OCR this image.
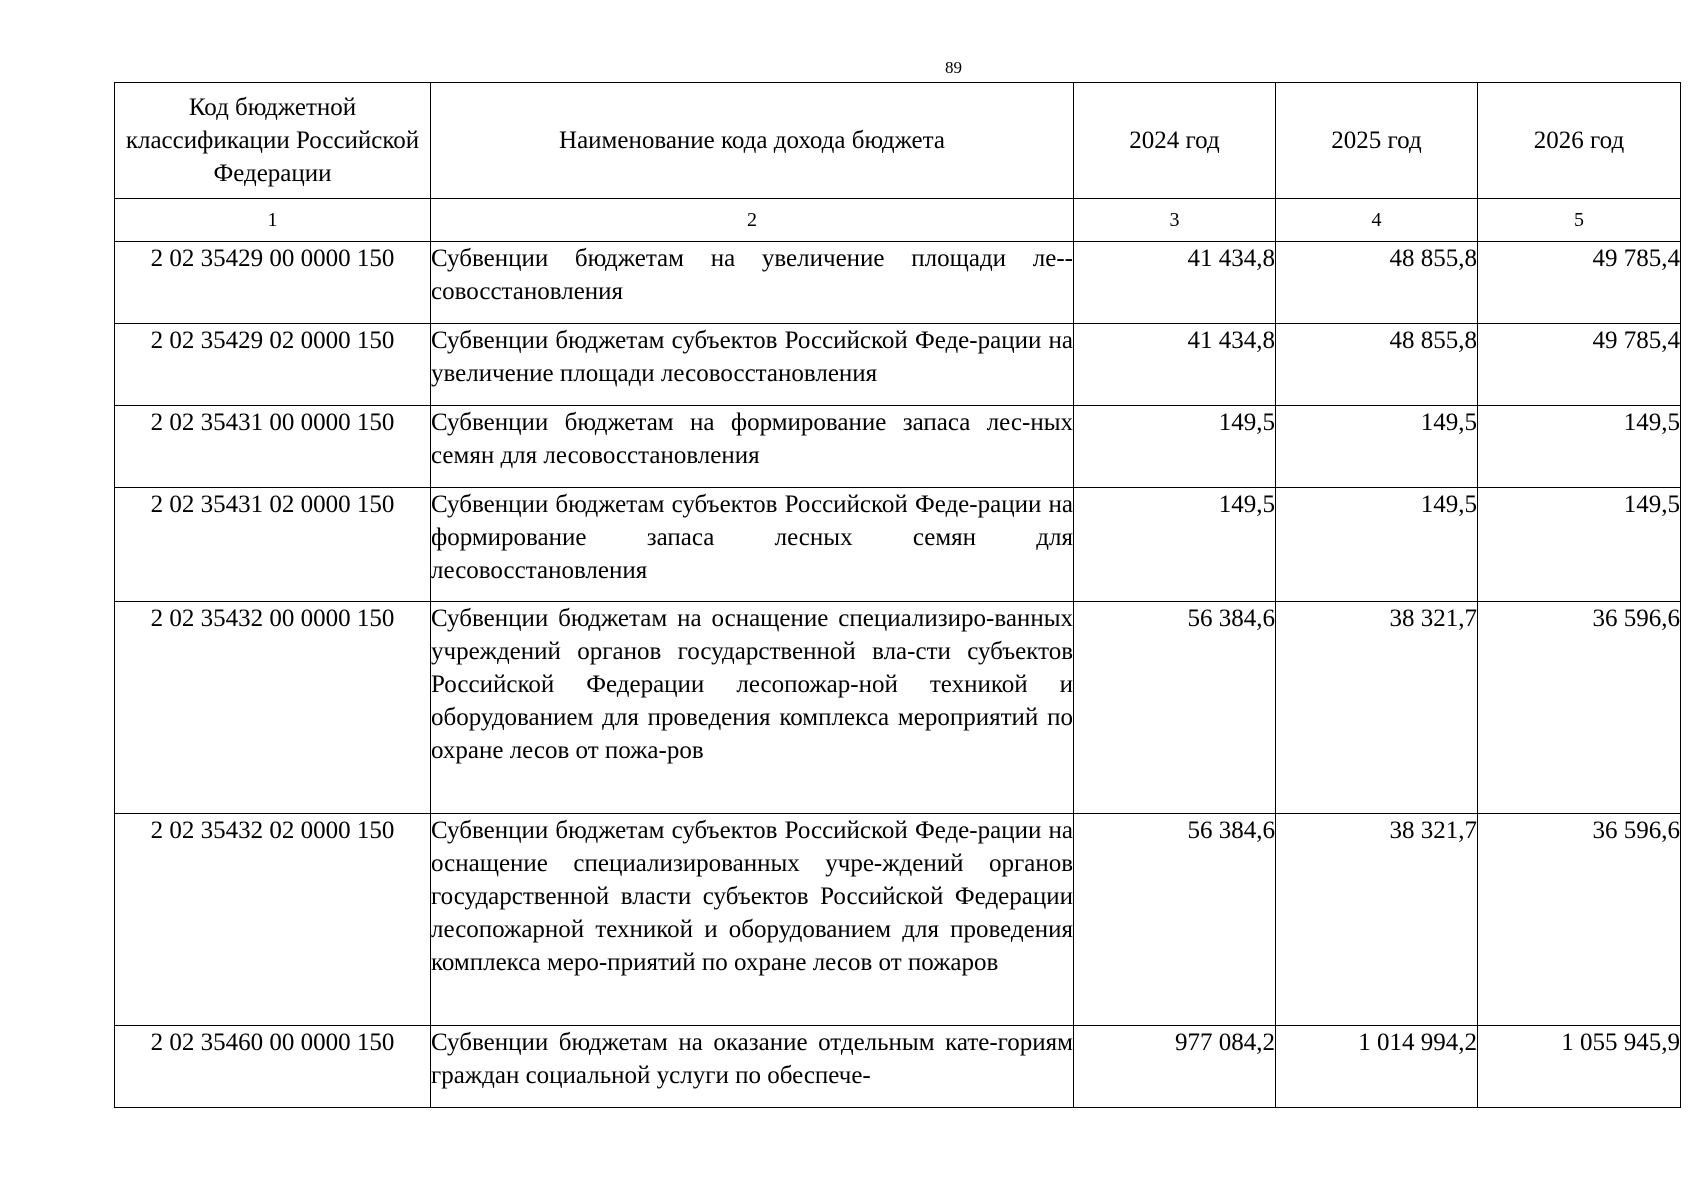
89
Код бюджетной классификации Российской Федерации	Наименование кода дохода бюджета	2024 год	2025 год	2026 год
1	2	3	4	5
2 02 35429 00 0000 150	Субвенции бюджетам на увеличение площади ле-совосстановления	41 434,8	48 855,8	49 785,4
2 02 35429 02 0000 150	Субвенции бюджетам субъектов Российской Феде-рации на увеличение площади лесовосстановления	41 434,8	48 855,8	49 785,4
2 02 35431 00 0000 150	Субвенции бюджетам на формирование запаса лес-ных семян для лесовосстановления	149,5	149,5	149,5
2 02 35431 02 0000 150	Субвенции бюджетам субъектов Российской Феде-рации на формирование запаса лесных семян для лесовосстановления	149,5	149,5	149,5
2 02 35432 00 0000 150	Субвенции бюджетам на оснащение специализиро-ванных учреждений органов государственной вла-сти субъектов Российской Федерации лесопожар-ной техникой и оборудованием для проведения комплекса мероприятий по охране лесов от пожа-ров	56 384,6	38 321,7	36 596,6
2 02 35432 02 0000 150	Субвенции бюджетам субъектов Российской Феде-рации на оснащение специализированных учре-ждений органов государственной власти субъектов Российской Федерации лесопожарной техникой и оборудованием для проведения комплекса меро-приятий по охране лесов от пожаров	56 384,6	38 321,7	36 596,6
2 02 35460 00 0000 150	Субвенции бюджетам на оказание отдельным кате-гориям граждан социальной услуги по обеспече-	977 084,2	1 014 994,2	1 055 945,9
